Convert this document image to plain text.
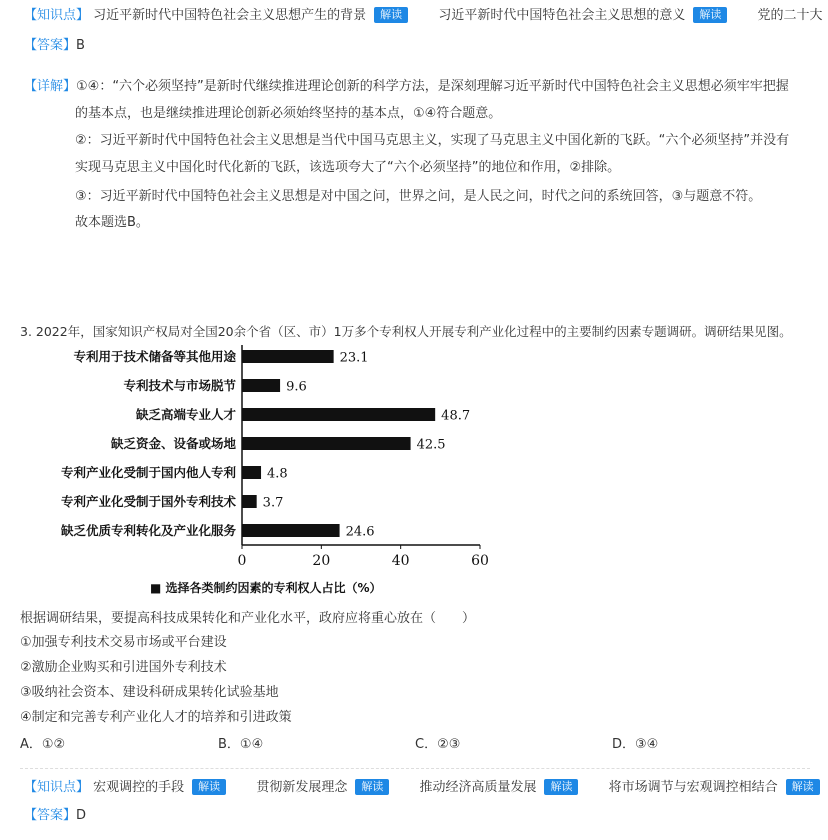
【知识点】 习近平新时代中国特色社会主义思想产生的背景 解读	习近平新时代中国特色社会主义思想的意义 解读	党的二十大
【答案】B
【详解】①④：“六个必须坚持”是新时代继续推进理论创新的科学方法，是深刻理解习近平新时代中国特色社会主义思想必须牢牢把握
的基本点，也是继续推进理论创新必须始终坚持的基本点，①④符合题意。
②：习近平新时代中国特色社会主义思想是当代中国马克思主义，实现了马克思主义中国化新的飞跃。“六个必须坚持”并没有
实现马克思主义中国化时代化新的飞跃，该选项夸大了“六个必须坚持”的地位和作用，②排除。
③：习近平新时代中国特色社会主义思想是对中国之问，世界之问，是人民之问，时代之问的系统回答，③与题意不符。
故本题选B。
3. 2022年，国家知识产权局对全国20余个省（区、市）1万多个专利权人开展专利产业化过程中的主要制约因素专题调研。调研结果见图。
专利用于技术储备等其他用途	23.1
专利技术与市场脱节	9.6
缺乏高端专业人才	48.7
缺乏资金、设备或场地	42.5
专利产业化受制于国内他人专利 4.8
专利产业化受制于国外专利技术 3.7
缺乏优质专利转化及产业化服务	24.6
0	20	40	60
■ 选择各类制约因素的专利权人占比（%）
根据调研结果，要提高科技成果转化和产业化水平，政府应将重心放在（　　）
①加强专利技术交易市场或平台建设
②激励企业购买和引进国外专利技术
③吸纳社会资本、建设科研成果转化试验基地
④制定和完善专利产业化人才的培养和引进政策
A．①②	B．①④	C．②③	D．③④
【知识点】 宏观调控的手段 解读	贯彻新发展理念 解读	推动经济高质量发展 解读	将市场调节与宏观调控相结合 解读
【答案】D
